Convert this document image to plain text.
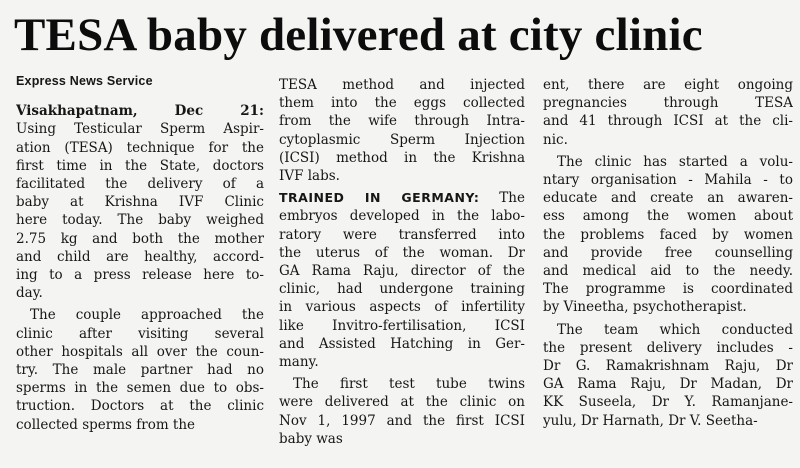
TESA baby delivered at city clinic
Express News Service
Visakhapatnam, Dec 21:
Using Testicular Sperm Aspir-
ation (TESA) technique for the
first time in the State, doctors
facilitated the delivery of a
baby at Krishna IVF Clinic
here today. The baby weighed
2.75 kg and both the mother
and child are healthy, accord-
ing to a press release here to-
day.
The couple approached the
clinic after visiting several
other hospitals all over the coun-
try. The male partner had no
sperms in the semen due to obs-
truction. Doctors at the clinic
collected sperms from the
TESA method and injected
them into the eggs collected
from the wife through Intra-
cytoplasmic Sperm Injection
(ICSI) method in the Krishna
IVF labs.
TRAINED IN GERMANY: The
embryos developed in the labo-
ratory were transferred into
the uterus of the woman. Dr
GA Rama Raju, director of the
clinic, had undergone training
in various aspects of infertility
like Invitro-fertilisation, ICSI
and Assisted Hatching in Ger-
many.
The first test tube twins
were delivered at the clinic on
Nov 1, 1997 and the first ICSI
baby was
ent, there are eight ongoing
pregnancies through TESA
and 41 through ICSI at the cli-
nic.
The clinic has started a volu-
ntary organisation - Mahila - to
educate and create an awaren-
ess among the women about
the problems faced by women
and provide free counselling
and medical aid to the needy.
The programme is coordinated
by Vineetha, psychotherapist.
The team which conducted
the present delivery includes -
Dr G. Ramakrishnam Raju, Dr
GA Rama Raju, Dr Madan, Dr
KK Suseela, Dr Y. Ramanjane-
yulu, Dr Harnath, Dr V. Seetha-
